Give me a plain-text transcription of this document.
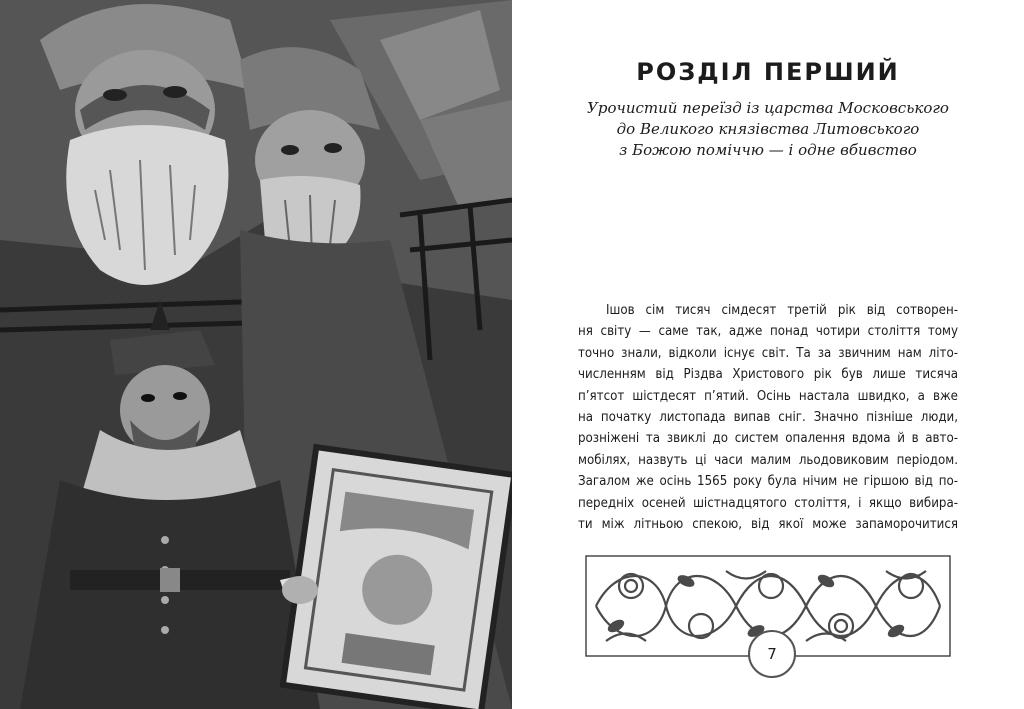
РОЗДІЛ ПЕРШИЙ
Урочистий переїзд із царства Московського
до Великого князівства Литовського
з Божою поміччю — і одне вбивство
Ішов сім тисяч сімдесят третій рік від сотворен-
ня світу — саме так, адже понад чотири століття тому
точно знали, відколи існує світ. Та за звичним нам літо-
численням від Різдва Христового рік був лише тисяча
п’ятсот шістдесят п’ятий. Осінь настала швидко, а вже
на початку листопада випав сніг. Значно пізніше люди,
розніжені та звиклі до систем опалення вдома й в авто-
мобілях, назвуть ці часи малим льодовиковим періодом.
Загалом же осінь 1565 року була нічим не гіршою від по-
передніх осеней шістнадцятого століття, і якщо вибира-
ти між літньою спекою, від якої може запаморочитися
7
